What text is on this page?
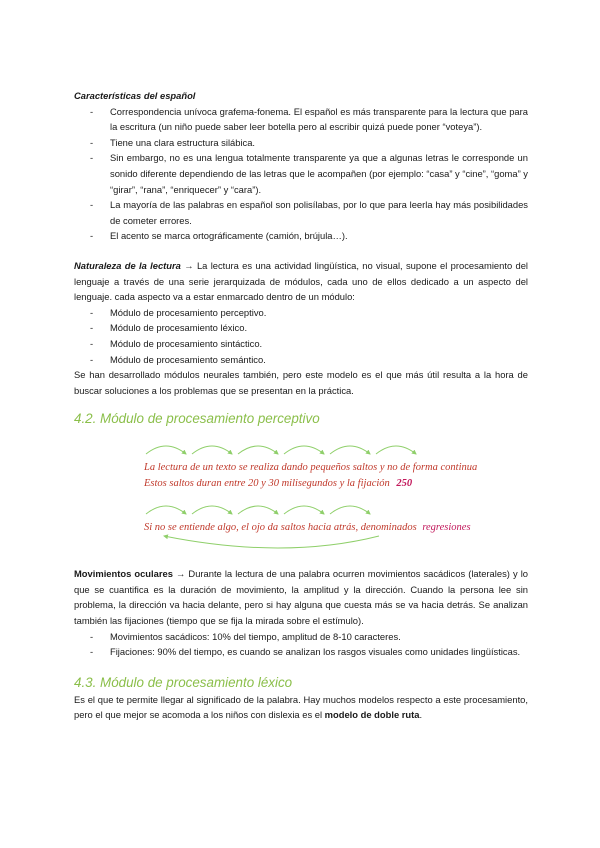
Características del español

- Correspondencia unívoca grafema-fonema. El español es más transparente para la lectura que para la escritura (un niño puede saber leer botella pero al escribir quizá puede poner “voteya”).
- Tiene una clara estructura silábica.
- Sin embargo, no es una lengua totalmente transparente ya que a algunas letras le corresponde un sonido diferente dependiendo de las letras que le acompañen (por ejemplo: “casa” y “cine”, “goma” y “girar”, “rana”, “enriquecer” y “cara”).
- La mayoría de las palabras en español son polisílabas, por lo que para leerla hay más posibilidades de cometer errores.
- El acento se marca ortográficamente (camión, brújula…).

Naturaleza de la lectura → La lectura es una actividad lingüística, no visual, supone el procesamiento del lenguaje a través de una serie jerarquizada de módulos, cada uno de ellos dedicado a un aspecto del lenguaje. cada aspecto va a estar enmarcado dentro de un módulo:

- Módulo de procesamiento perceptivo.
- Módulo de procesamiento léxico.
- Módulo de procesamiento sintáctico.
- Módulo de procesamiento semántico.

Se han desarrollado módulos neurales también, pero este modelo es el que más útil resulta a la hora de buscar soluciones a los problemas que se presentan en la práctica.

4.2. Módulo de procesamiento perceptivo

La lectura de un texto se realiza dando pequeños saltos y no de forma continua
Estos saltos duran entre 20 y 30 milisegundos y la fijación 250
Si no se entiende algo, el ojo da saltos hacia atrás, denominados regresiones

Movimientos oculares → Durante la lectura de una palabra ocurren movimientos sacádicos (laterales) y lo que se cuantifica es la duración de movimiento, la amplitud y la dirección. Cuando la persona lee sin problema, la dirección va hacia delante, pero si hay alguna que cuesta más se va hacia detrás. Se analizan también las fijaciones (tiempo que se fija la mirada sobre el estímulo).

- Movimientos sacádicos: 10% del tiempo, amplitud de 8-10 caracteres.
- Fijaciones: 90% del tiempo, es cuando se analizan los rasgos visuales como unidades lingüísticas.

4.3. Módulo de procesamiento léxico

Es el que te permite llegar al significado de la palabra. Hay muchos modelos respecto a este procesamiento, pero el que mejor se acomoda a los niños con dislexia es el modelo de doble ruta.
